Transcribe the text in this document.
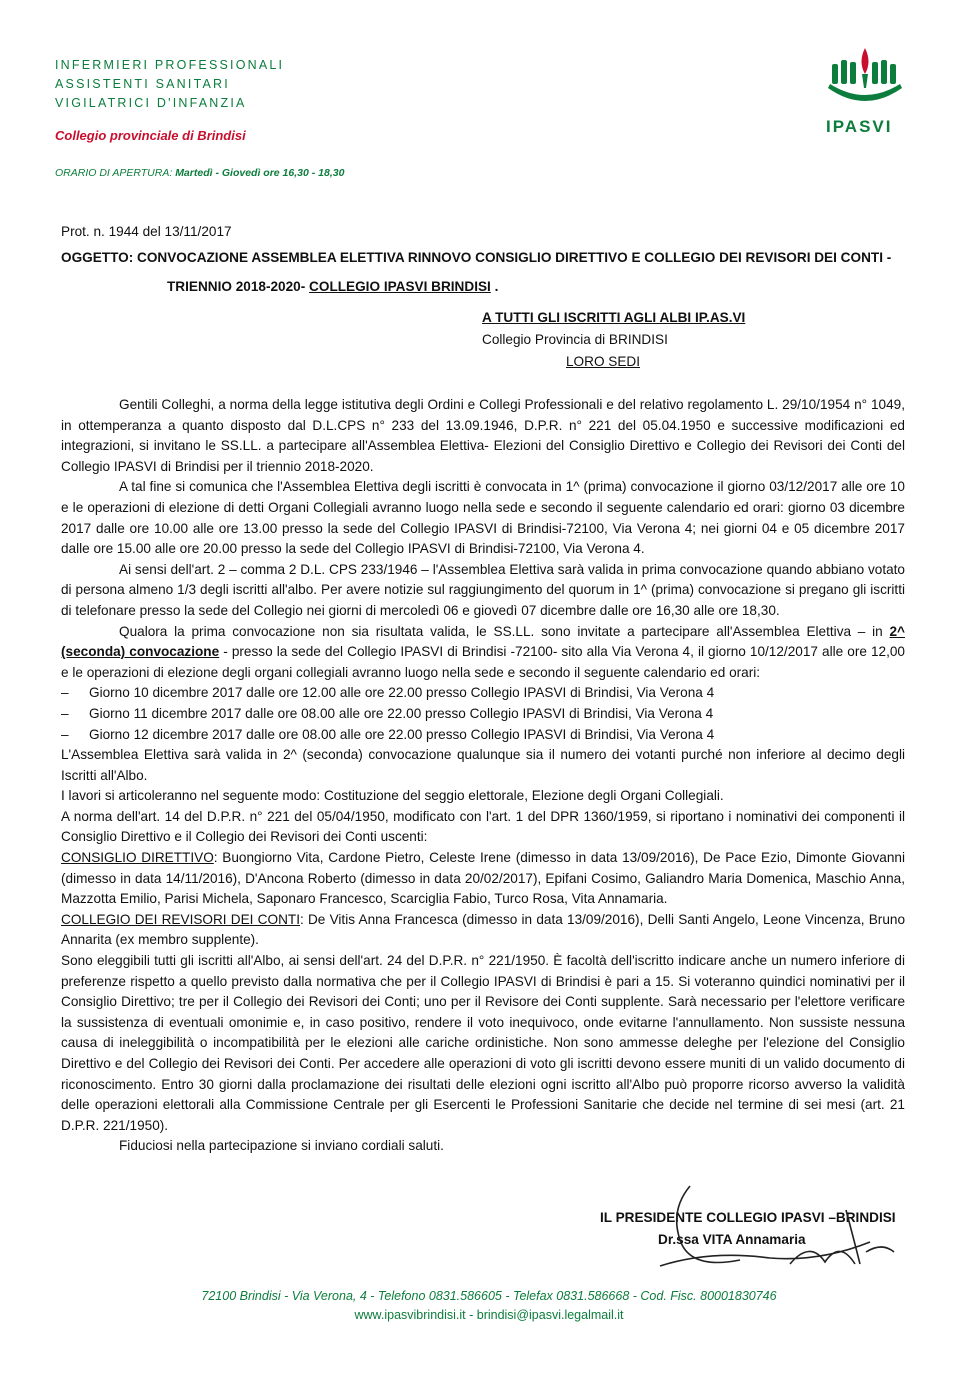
INFERMIERI PROFESSIONALI
ASSISTENTI SANITARI
VIGILATRICI D'INFANZIA
Collegio provinciale di Brindisi
ORARIO DI APERTURA: Martedì - Giovedì ore 16,30 - 18,30
IPASVI
Prot. n. 1944 del 13/11/2017
OGGETTO: CONVOCAZIONE ASSEMBLEA ELETTIVA RINNOVO CONSIGLIO DIRETTIVO E COLLEGIO DEI REVISORI DEI CONTI -
TRIENNIO 2018-2020- COLLEGIO IPASVI BRINDISI .
A TUTTI GLI ISCRITTI AGLI ALBI IP.AS.VI
Collegio Provincia di BRINDISI
LORO SEDI

Gentili Colleghi, a norma della legge istitutiva degli Ordini e Collegi Professionali e del relativo regolamento L. 29/10/1954 n° 1049, in ottemperanza a quanto disposto dal D.L.CPS n° 233 del 13.09.1946, D.P.R. n° 221 del 05.04.1950 e successive modificazioni ed integrazioni, si invitano le SS.LL. a partecipare all'Assemblea Elettiva- Elezioni del Consiglio Direttivo e Collegio dei Revisori dei Conti del Collegio IPASVI di Brindisi per il triennio 2018-2020.

A tal fine si comunica che l'Assemblea Elettiva degli iscritti è convocata in 1^ (prima) convocazione il giorno 03/12/2017 alle ore 10 e le operazioni di elezione di detti Organi Collegiali avranno luogo nella sede e secondo il seguente calendario ed orari: giorno 03 dicembre 2017 dalle ore 10.00 alle ore 13.00 presso la sede del Collegio IPASVI di Brindisi-72100, Via Verona 4; nei giorni 04 e 05 dicembre 2017 dalle ore 15.00 alle ore 20.00 presso la sede del Collegio IPASVI di Brindisi-72100, Via Verona 4.

Ai sensi dell'art. 2 – comma 2 D.L. CPS 233/1946 – l'Assemblea Elettiva sarà valida in prima convocazione quando abbiano votato di persona almeno 1/3 degli iscritti all'albo. Per avere notizie sul raggiungimento del quorum in 1^ (prima) convocazione si pregano gli iscritti di telefonare presso la sede del Collegio nei giorni di mercoledì 06 e giovedì 07 dicembre dalle ore 16,30 alle ore 18,30.

Qualora la prima convocazione non sia risultata valida, le SS.LL. sono invitate a partecipare all'Assemblea Elettiva – in 2^ (seconda) convocazione - presso la sede del Collegio IPASVI di Brindisi -72100- sito alla Via Verona 4, il giorno 10/12/2017 alle ore 12,00 e le operazioni di elezione degli organi collegiali avranno luogo nella sede e secondo il seguente calendario ed orari:

– Giorno 10 dicembre 2017 dalle ore 12.00 alle ore 22.00 presso Collegio IPASVI di Brindisi, Via Verona 4

– Giorno 11 dicembre 2017 dalle ore 08.00 alle ore 22.00 presso Collegio IPASVI di Brindisi, Via Verona 4

– Giorno 12 dicembre 2017 dalle ore 08.00 alle ore 22.00 presso Collegio IPASVI di Brindisi, Via Verona 4

L'Assemblea Elettiva sarà valida in 2^ (seconda) convocazione qualunque sia il numero dei votanti purché non inferiore al decimo degli Iscritti all'Albo.

I lavori si articoleranno nel seguente modo: Costituzione del seggio elettorale, Elezione degli Organi Collegiali.

A norma dell'art. 14 del D.P.R. n° 221 del 05/04/1950, modificato con l'art. 1 del DPR 1360/1959, si riportano i nominativi dei componenti il Consiglio Direttivo e il Collegio dei Revisori dei Conti uscenti:

CONSIGLIO DIRETTIVO: Buongiorno Vita, Cardone Pietro, Celeste Irene (dimesso in data 13/09/2016), De Pace Ezio, Dimonte Giovanni (dimesso in data 14/11/2016), D'Ancona Roberto (dimesso in data 20/02/2017), Epifani Cosimo, Galiandro Maria Domenica, Maschio Anna, Mazzotta Emilio, Parisi Michela, Saponaro Francesco, Scarciglia Fabio, Turco Rosa, Vita Annamaria.

COLLEGIO DEI REVISORI DEI CONTI: De Vitis Anna Francesca (dimesso in data 13/09/2016), Delli Santi Angelo, Leone Vincenza, Bruno Annarita (ex membro supplente).

Sono eleggibili tutti gli iscritti all'Albo, ai sensi dell'art. 24 del D.P.R. n° 221/1950. È facoltà dell'iscritto indicare anche un numero inferiore di preferenze rispetto a quello previsto dalla normativa che per il Collegio IPASVI di Brindisi è pari a 15. Si voteranno quindici nominativi per il Consiglio Direttivo; tre per il Collegio dei Revisori dei Conti; uno per il Revisore dei Conti supplente. Sarà necessario per l'elettore verificare la sussistenza di eventuali omonimie e, in caso positivo, rendere il voto inequivoco, onde evitarne l'annullamento. Non sussiste nessuna causa di ineleggibilità o incompatibilità per le elezioni alle cariche ordinistiche. Non sono ammesse deleghe per l'elezione del Consiglio Direttivo e del Collegio dei Revisori dei Conti. Per accedere alle operazioni di voto gli iscritti devono essere muniti di un valido documento di riconoscimento. Entro 30 giorni dalla proclamazione dei risultati delle elezioni ogni iscritto all'Albo può proporre ricorso avverso la validità delle operazioni elettorali alla Commissione Centrale per gli Esercenti le Professioni Sanitarie che decide nel termine di sei mesi (art. 21 D.P.R. 221/1950).

Fiduciosi nella partecipazione si inviano cordiali saluti.

IL PRESIDENTE COLLEGIO IPASVI –BRINDISI
Dr.ssa VITA Annamaria
72100 Brindisi - Via Verona, 4 - Telefono 0831.586605 - Telefax 0831.586668 - Cod. Fisc. 80001830746
www.ipasvibrindisi.it - brindisi@ipasvi.legalmail.it
